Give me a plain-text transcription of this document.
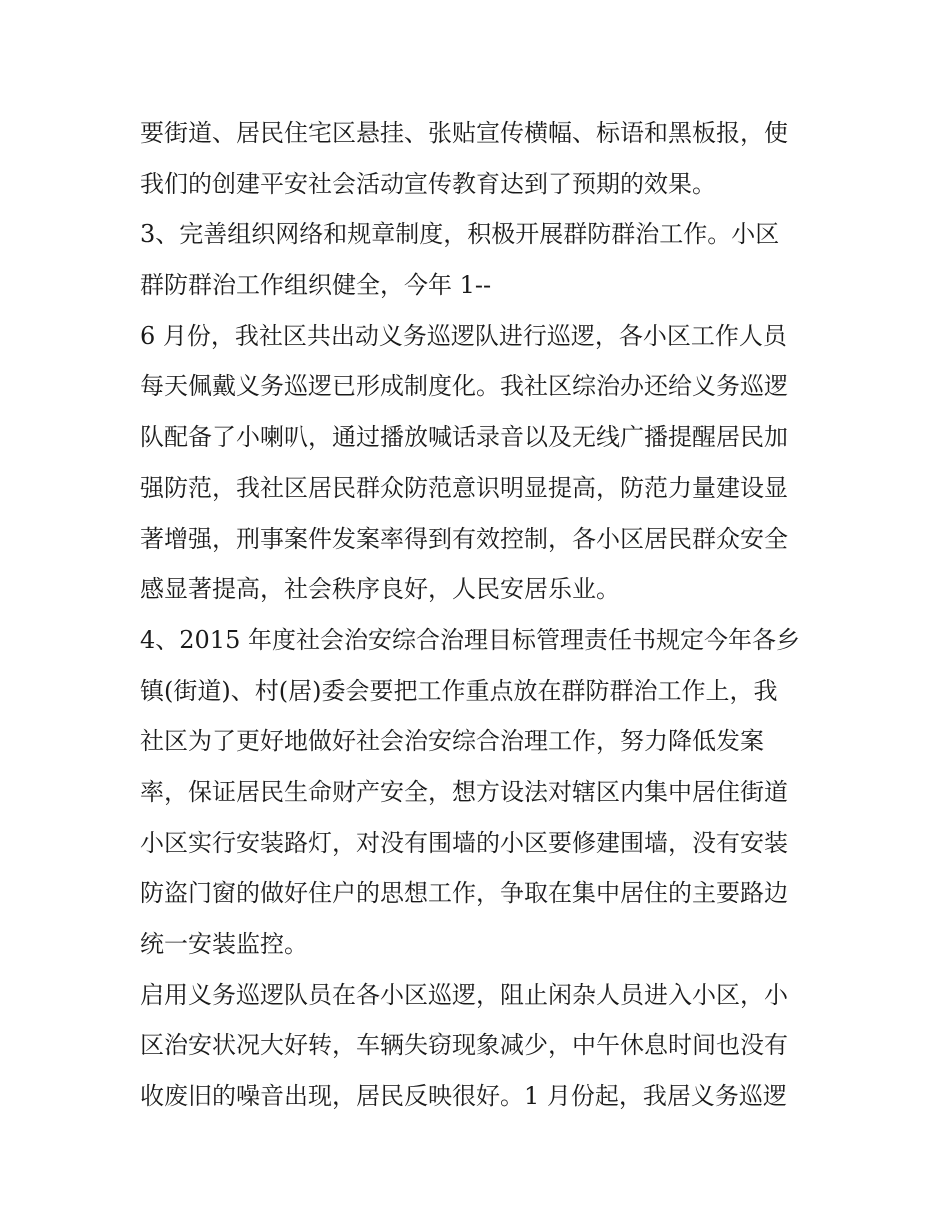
要街道、居民住宅区悬挂、张贴宣传横幅、标语和黑板报，使
我们的创建平安社会活动宣传教育达到了预期的效果。
3、完善组织网络和规章制度，积极开展群防群治工作。小区
群防群治工作组织健全，今年 1--
6 月份，我社区共出动义务巡逻队进行巡逻，各小区工作人员
每天佩戴义务巡逻已形成制度化。我社区综治办还给义务巡逻
队配备了小喇叭，通过播放喊话录音以及无线广播提醒居民加
强防范，我社区居民群众防范意识明显提高，防范力量建设显
著增强，刑事案件发案率得到有效控制，各小区居民群众安全
感显著提高，社会秩序良好，人民安居乐业。
4、2015 年度社会治安综合治理目标管理责任书规定今年各乡
镇(街道)、村(居)委会要把工作重点放在群防群治工作上，我
社区为了更好地做好社会治安综合治理工作，努力降低发案
率，保证居民生命财产安全，想方设法对辖区内集中居住街道
小区实行安装路灯，对没有围墙的小区要修建围墙，没有安装
防盗门窗的做好住户的思想工作，争取在集中居住的主要路边
统一安装监控。
启用义务巡逻队员在各小区巡逻，阻止闲杂人员进入小区，小
区治安状况大好转，车辆失窃现象减少，中午休息时间也没有
收废旧的噪音出现，居民反映很好。1 月份起，我居义务巡逻
